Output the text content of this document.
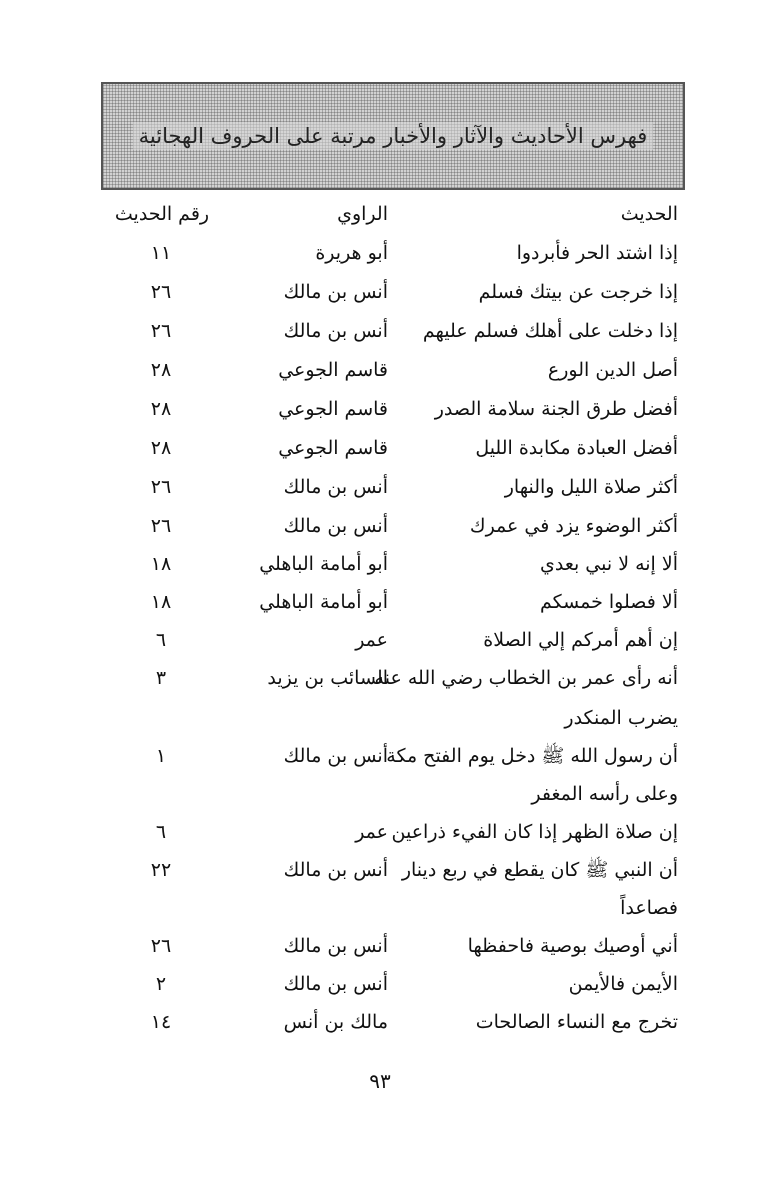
فهرس الأحاديث والآثار والأخبار مرتبة على الحروف الهجائية
الحديث
الراوي
رقم الحديث
إذا اشتد الحر فأبردوا
أبو هريرة
١١
إذا خرجت عن بيتك فسلم
أنس بن مالك
٢٦
إذا دخلت على أهلك فسلم عليهم
أنس بن مالك
٢٦
أصل الدين الورع
قاسم الجوعي
٢٨
أفضل طرق الجنة سلامة الصدر
قاسم الجوعي
٢٨
أفضل العبادة مكابدة الليل
قاسم الجوعي
٢٨
أكثر صلاة الليل والنهار
أنس بن مالك
٢٦
أكثر الوضوء يزد في عمرك
أنس بن مالك
٢٦
ألا إنه لا نبي بعدي
أبو أمامة الباهلي
١٨
ألا فصلوا خمسكم
أبو أمامة الباهلي
١٨
إن أهم أمركم إلي الصلاة
عمر
٦
أنه رأى عمر بن الخطاب رضي الله عنه
السائب بن يزيد
٣
يضرب المنكدر
أن رسول الله ﷺ دخل يوم الفتح مكة
أنس بن مالك
١
وعلى رأسه المغفر
إن صلاة الظهر إذا كان الفيء ذراعين
عمر
٦
أن النبي ﷺ كان يقطع في ربع دينار
أنس بن مالك
٢٢
فصاعداً
أني أوصيك بوصية فاحفظها
أنس بن مالك
٢٦
الأيمن فالأيمن
أنس بن مالك
٢
تخرج مع النساء الصالحات
مالك بن أنس
١٤
٩٣
